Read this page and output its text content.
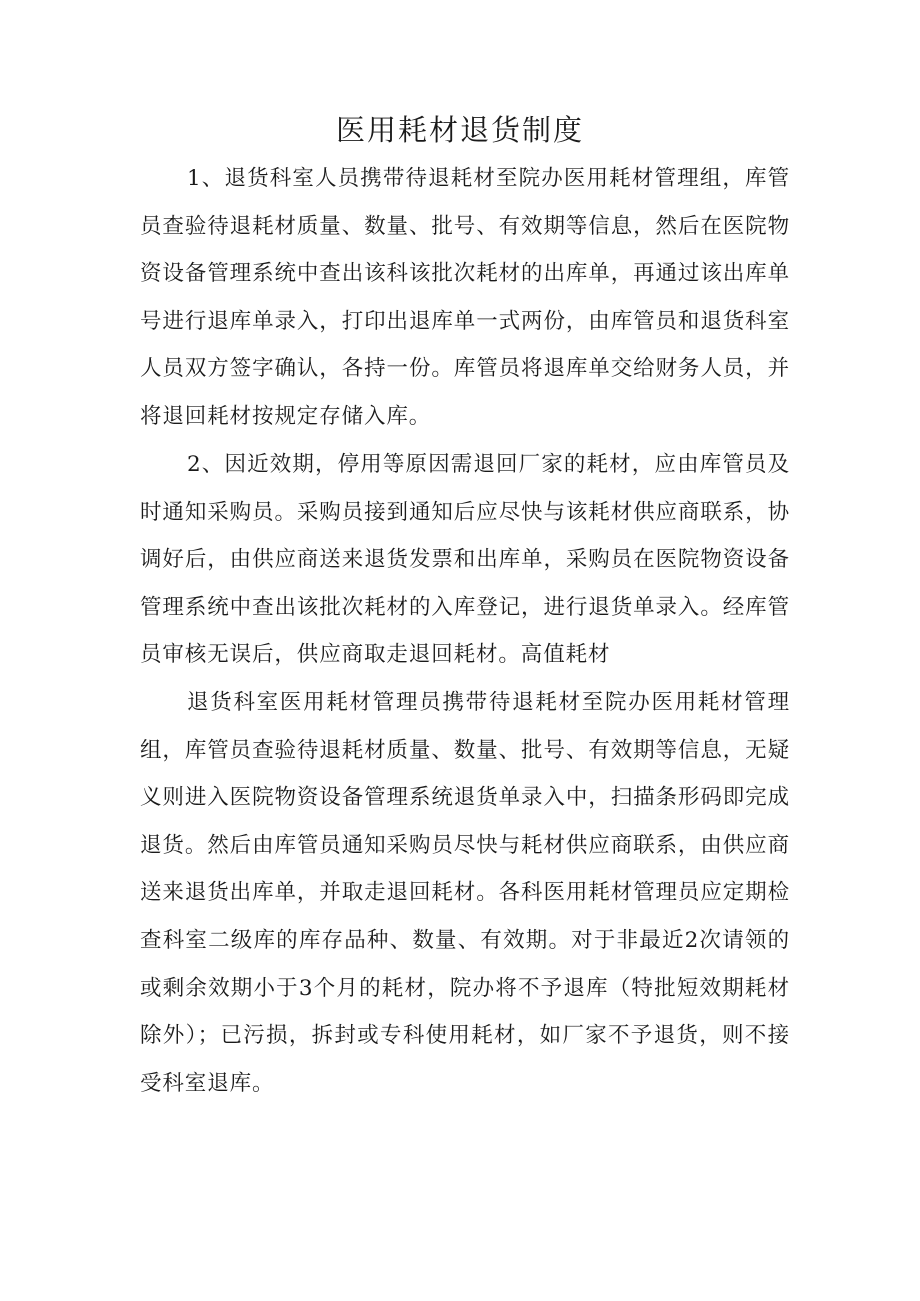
医用耗材退货制度

1、退货科室人员携带待退耗材至院办医用耗材管理组，库管员查验待退耗材质量、数量、批号、有效期等信息，然后在医院物资设备管理系统中查出该科该批次耗材的出库单，再通过该出库单号进行退库单录入，打印出退库单一式两份，由库管员和退货科室人员双方签字确认，各持一份。库管员将退库单交给财务人员，并将退回耗材按规定存储入库。

2、因近效期，停用等原因需退回厂家的耗材，应由库管员及时通知采购员。采购员接到通知后应尽快与该耗材供应商联系，协调好后，由供应商送来退货发票和出库单，采购员在医院物资设备管理系统中查出该批次耗材的入库登记，进行退货单录入。经库管员审核无误后，供应商取走退回耗材。高值耗材

退货科室医用耗材管理员携带待退耗材至院办医用耗材管理组，库管员查验待退耗材质量、数量、批号、有效期等信息，无疑义则进入医院物资设备管理系统退货单录入中，扫描条形码即完成退货。然后由库管员通知采购员尽快与耗材供应商联系，由供应商送来退货出库单，并取走退回耗材。各科医用耗材管理员应定期检查科室二级库的库存品种、数量、有效期。对于非最近2次请领的或剩余效期小于3个月的耗材，院办将不予退库（特批短效期耗材除外）；已污损，拆封或专科使用耗材，如厂家不予退货，则不接受科室退库。
